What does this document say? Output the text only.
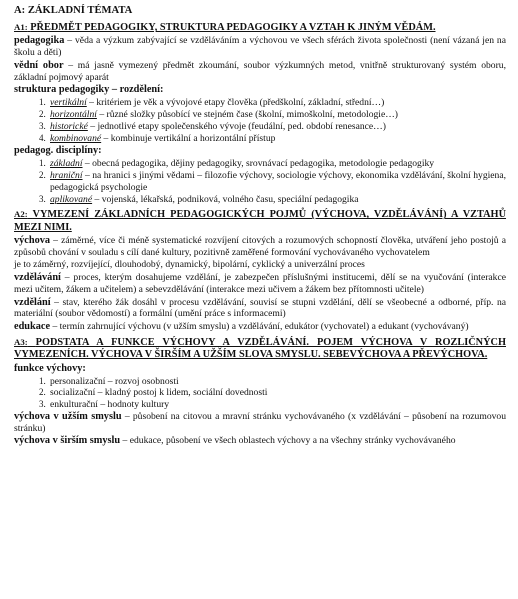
A: ZÁKLADNÍ TÉMATA
A1: PŘEDMĚT PEDAGOGIKY, STRUKTURA PEDAGOGIKY A VZTAH K JINÝM VĚDÁM.
pedagogika – věda a výzkum zabývající se vzděláváním a výchovou ve všech sférách života společnosti (není vázaná jen na školu a děti)
vědní obor – má jasně vymezený předmět zkoumání, soubor výzkumných metod, vnitřně strukturovaný systém oboru, základní pojmový aparát
struktura pedagogiky – rozdělení:
1. vertikální – kritériem je věk a vývojové etapy člověka (předškolní, základní, střední…)
2. horizontální – různé složky působící ve stejném čase (školní, mimoškolní, metodologie…)
3. historické – jednotlivé etapy společenského vývoje (feudální, ped. období renesance…)
4. kombinované – kombinuje vertikální a horizontální přístup
pedagog. disciplíny:
1. základní – obecná pedagogika, dějiny pedagogiky, srovnávací pedagogika, metodologie pedagogiky
2. hraniční – na hranici s jinými vědami – filozofie výchovy, sociologie výchovy, ekonomika vzdělávání, školní hygiena, pedagogická psychologie
3. aplikované – vojenská, lékařská, podniková, volného času, speciální pedagogika
A2: VYMEZENÍ ZÁKLADNÍCH PEDAGOGICKÝCH POJMŮ (VÝCHOVA, VZDĚLÁVÁNÍ) A VZTAHŮ MEZI NIMI.
výchova – záměrné, více či méně systematické rozvíjení citových a rozumových schopností člověka, utváření jeho postojů a způsobů chování v souladu s cílí dané kultury, pozitivně zaměřené formování vychovávaného vychovatelem
je to záměrný, rozvíjející, dlouhodobý, dynamický, bipolární, cyklický a univerzální proces
vzdělávání – proces, kterým dosahujeme vzdělání, je zabezpečen příslušnými institucemi, dělí se na vyučování (interakce mezi učitem, žákem a učitelem) a sebevzdělávání (interakce mezi učivem a žákem bez přítomnosti učitele)
vzdělání – stav, kterého žák dosáhl v procesu vzdělávání, souvisí se stupni vzdělání, dělí se všeobecné a odborné, příp. na materiální (soubor vědomostí) a formální (umění práce s informacemi)
edukace – termín zahrnující výchovu (v užším smyslu) a vzdělávání, edukátor (vychovatel) a edukant (vychovávaný)
A3: PODSTATA A FUNKCE VÝCHOVY A VZDĚLÁVÁNÍ. POJEM VÝCHOVA V ROZLIČNÝCH VYMEZENÍCH. VÝCHOVA V ŠIRŠÍM A UŽŠÍM SLOVA SMYSLU. SEBEVÝCHOVA A PŘEVÝCHOVA.
funkce výchovy:
1. personalizační – rozvoj osobnosti
2. socializační – kladný postoj k lidem, sociální dovednosti
3. enkulturační – hodnoty kultury
výchova v užším smyslu – působení na citovou a mravní stránku vychovávaného (x vzdělávání – působení na rozumovou stránku)
výchova v širším smyslu – edukace, působení ve všech oblastech výchovy a na všechny stránky vychovávaného
